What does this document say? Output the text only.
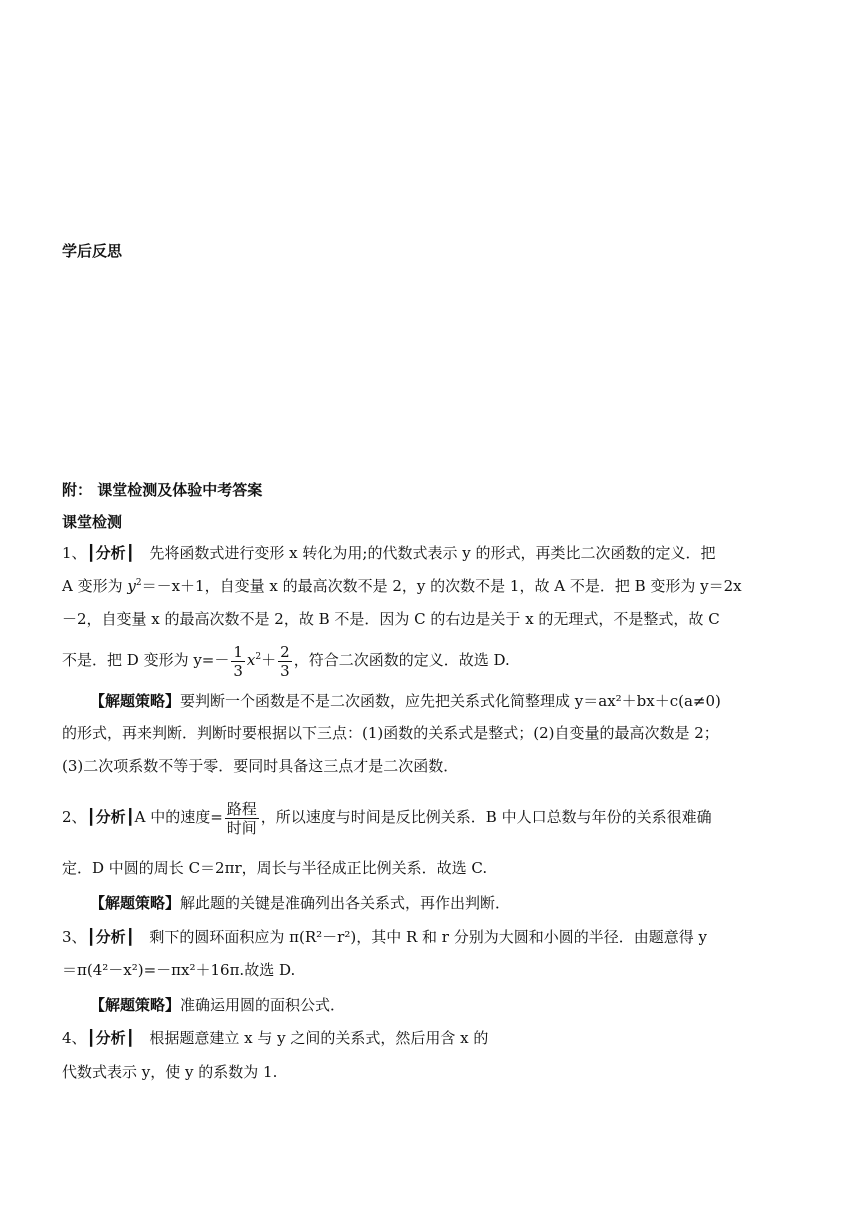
学后反思
附： 课堂检测及体验中考答案
课堂检测
1、┃分析┃ 先将函数式进行变形 x 转化为用;的代数式表示 y 的形式，再类比二次函数的定义．把
A 变形为 $y^2=-x+1$，自变量 x 的最高次数不是 2，y 的次数不是 1，故 A 不是．把 B 变形为 y＝2x
－2，自变量 x 的最高次数不是 2，故 B 不是．因为 C 的右边是关于 x 的无理式，不是整式，故 C
不是．把 D 变形为 $y=- \frac{1}{3} x^2+ \frac{2}{3}$ ，符合二次函数的定义．故选 D.
【解题策略】要判断一个函数是不是二次函数，应先把关系式化简整理成 y＝ax²＋bx＋c(a≠0)
的形式，再来判断．判断时要根据以下三点：(1)函数的关系式是整式；(2)自变量的最高次数是 2；
(3)二次项系数不等于零．要同时具备这三点才是二次函数．
2、┃分析┃A 中的速度= $\frac{\text{路程}}{\text{时间}}$ ，所以速度与时间是反比例关系．B 中人口总数与年份的关系很难确
定．D 中圆的周长 C＝2πr，周长与半径成正比例关系．故选 C.
【解题策略】解此题的关键是准确列出各关系式，再作出判断．
3、┃分析┃ 剩下的圆环面积应为 π(R²－r²)，其中 R 和 r 分别为大圆和小圆的半径．由题意得 y
＝π(4²－x²)=－πx²＋16π.故选 D.
【解题策略】准确运用圆的面积公式．
4、┃分析┃ 根据题意建立 x 与 y 之间的关系式，然后用含 x 的
代数式表示 y，使 y 的系数为 1.
